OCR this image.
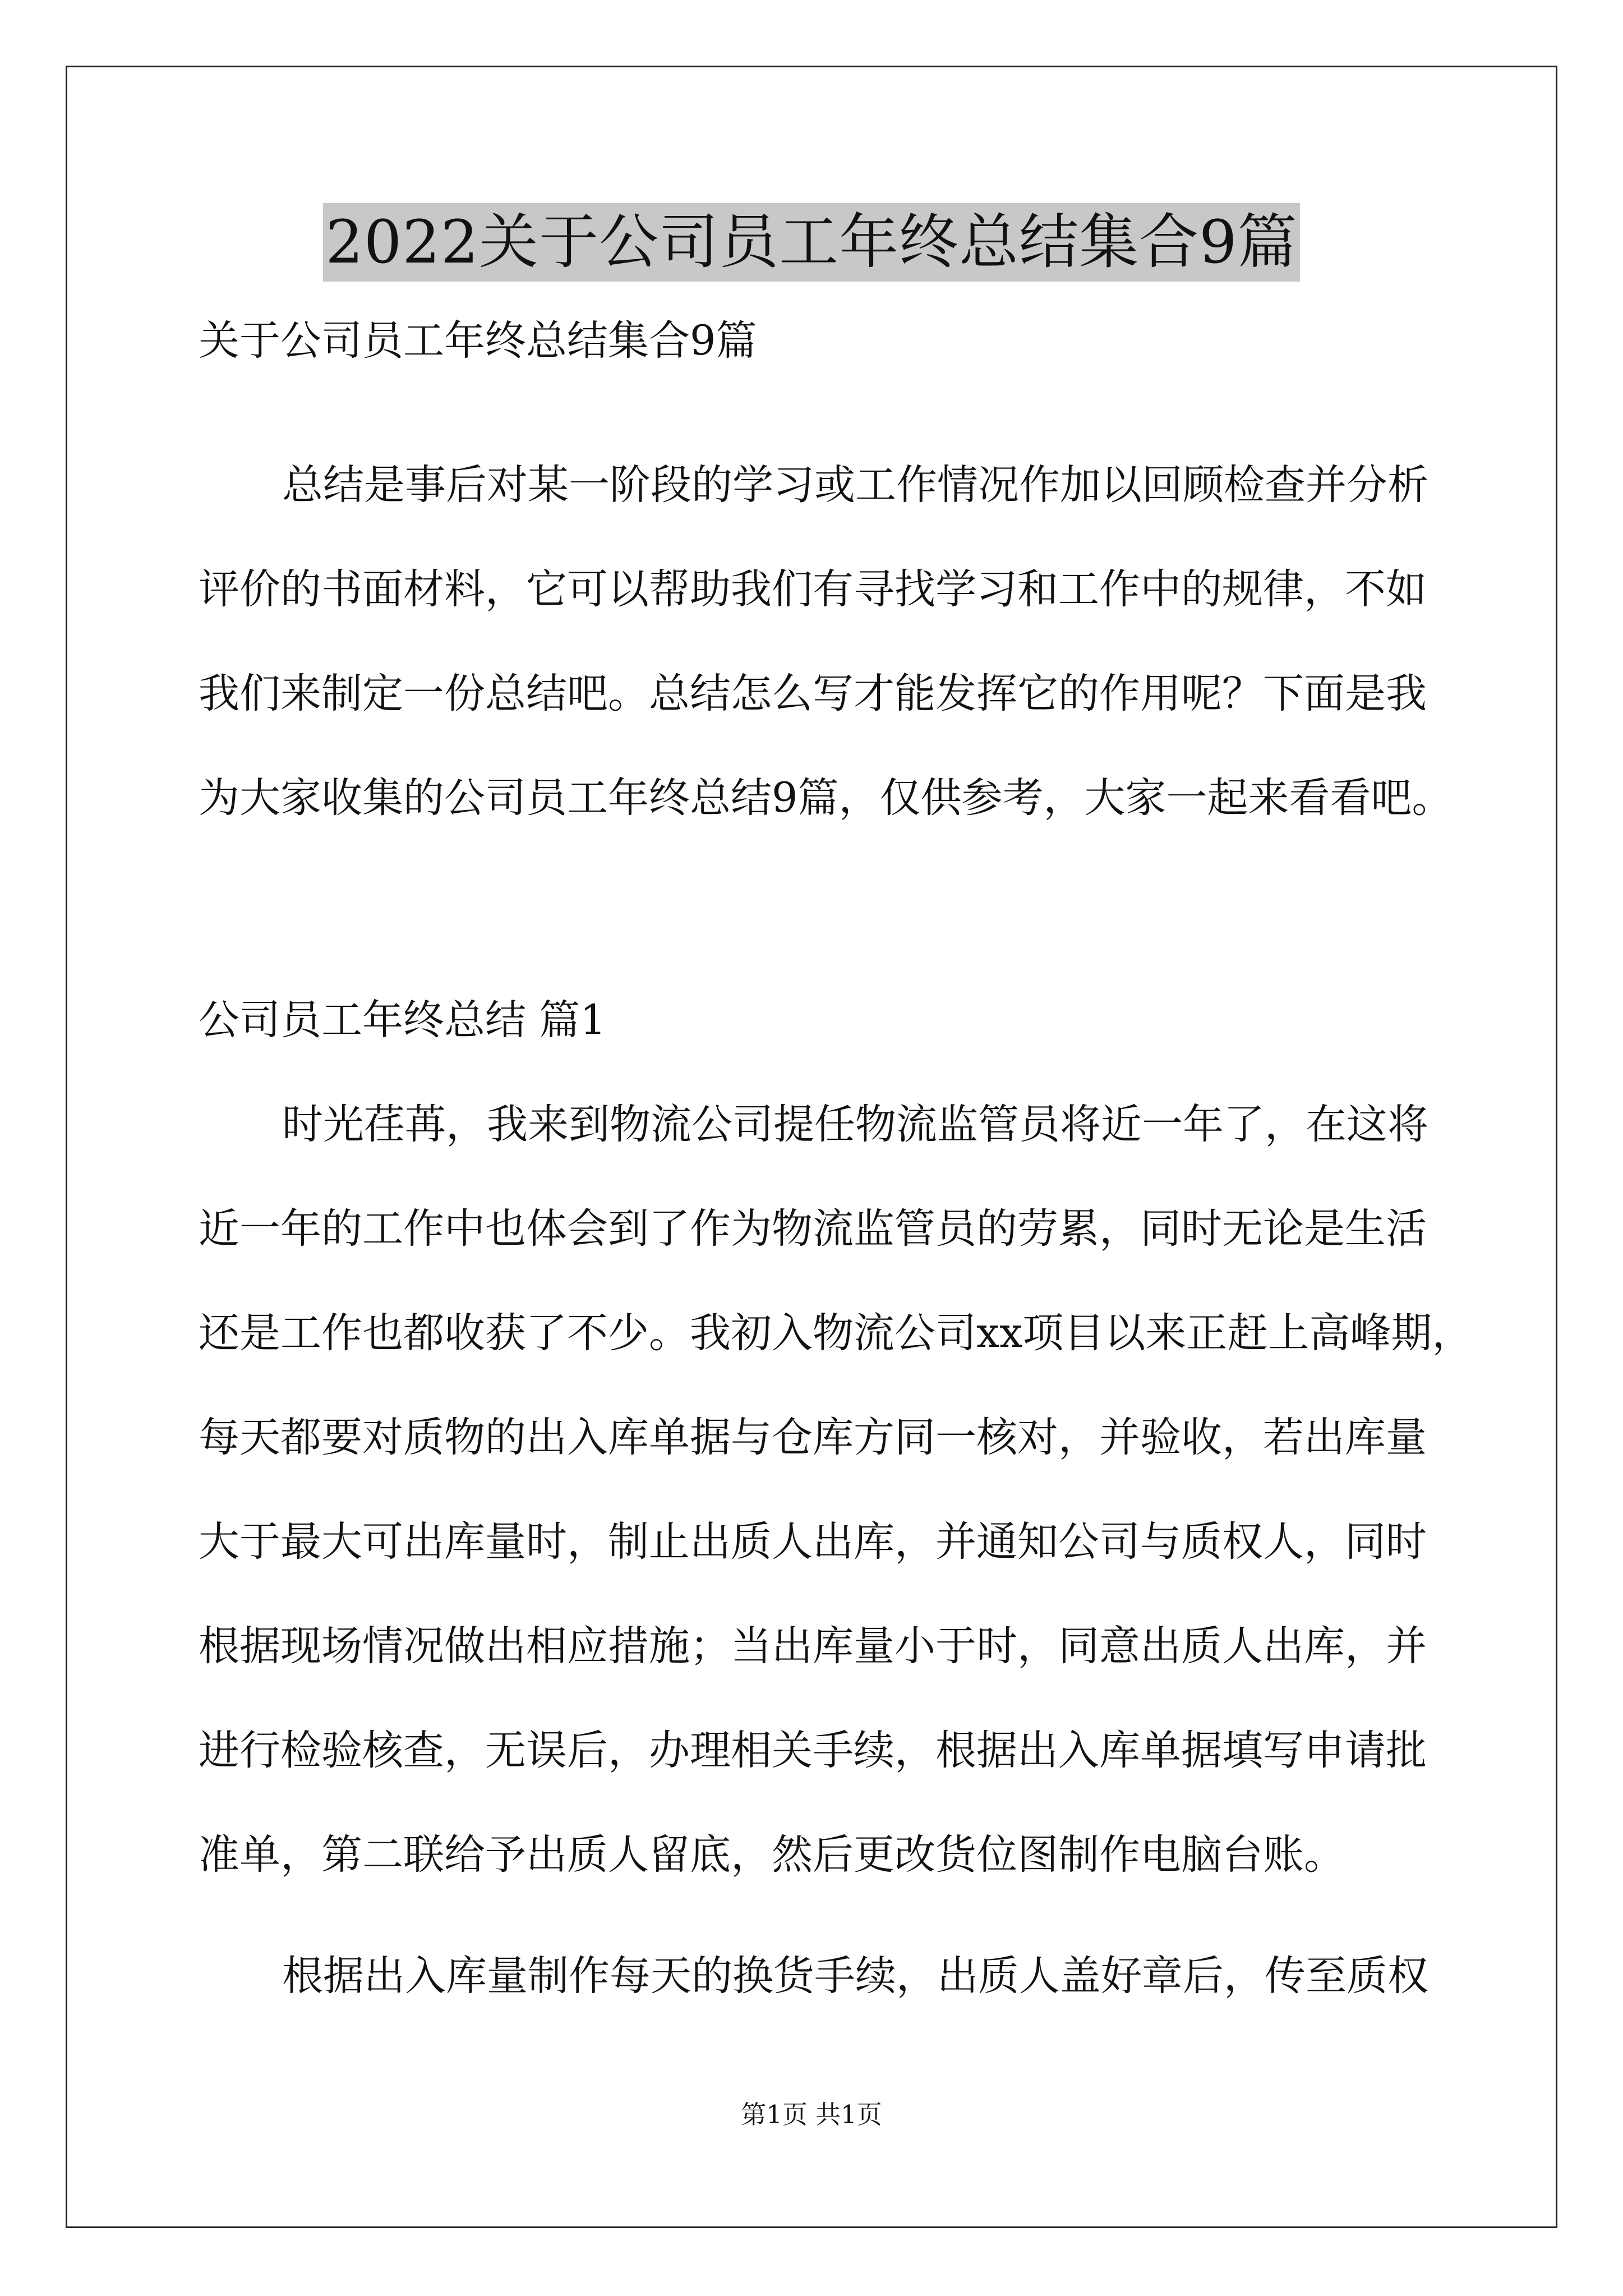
2022关于公司员工年终总结集合9篇
关于公司员工年终总结集合9篇
总结是事后对某一阶段的学习或工作情况作加以回顾检查并分析
评价的书面材料，它可以帮助我们有寻找学习和工作中的规律，不如
我们来制定一份总结吧。总结怎么写才能发挥它的作用呢？下面是我
为大家收集的公司员工年终总结9篇，仅供参考，大家一起来看看吧。
公司员工年终总结 篇1
时光荏苒，我来到物流公司提任物流监管员将近一年了，在这将
近一年的工作中也体会到了作为物流监管员的劳累，同时无论是生活
还是工作也都收获了不少。我初入物流公司xx项目以来正赶上高峰期，
每天都要对质物的出入库单据与仓库方同一核对，并验收，若出库量
大于最大可出库量时，制止出质人出库，并通知公司与质权人，同时
根据现场情况做出相应措施；当出库量小于时，同意出质人出库，并
进行检验核查，无误后，办理相关手续，根据出入库单据填写申请批
准单，第二联给予出质人留底，然后更改货位图制作电脑台账。
根据出入库量制作每天的换货手续，出质人盖好章后，传至质权
第1页 共1页
